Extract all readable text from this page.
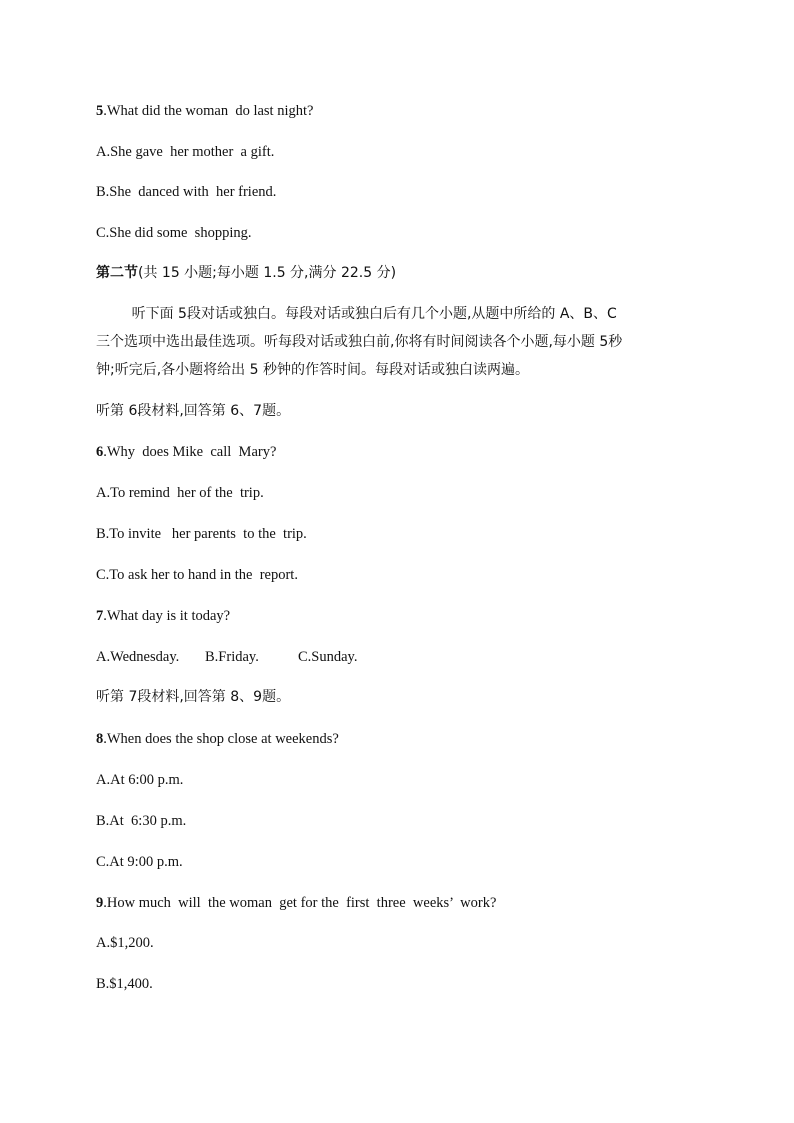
5.What did the woman  do last night?
A.She gave  her mother  a gift.
B.She  danced with  her friend.
C.She did some  shopping.
第二节(共 15 小题;每小题 1.5 分,满分 22.5 分)
听下面 5段对话或独白。每段对话或独白后有几个小题,从题中所给的 A、B、C
三个选项中选出最佳选项。听每段对话或独白前,你将有时间阅读各个小题,每小题 5秒
钟;听完后,各小题将给出 5 秒钟的作答时间。每段对话或独白读两遍。
听第 6段材料,回答第 6、7题。
6.Why  does Mike  call  Mary?
A.To remind  her of the  trip.
B.To invite   her parents  to the  trip.
C.To ask her to hand in the  report.
7.What day is it today?
A.Wednesday. B.Friday.	C.Sunday.
听第 7段材料,回答第 8、9题。
8.When does the shop close at weekends?
A.At 6:00 p.m.
B.At  6:30 p.m.
C.At 9:00 p.m.
9.How much  will  the woman  get for the  first  three  weeks’  work?
A.$1,200.
B.$1,400.
